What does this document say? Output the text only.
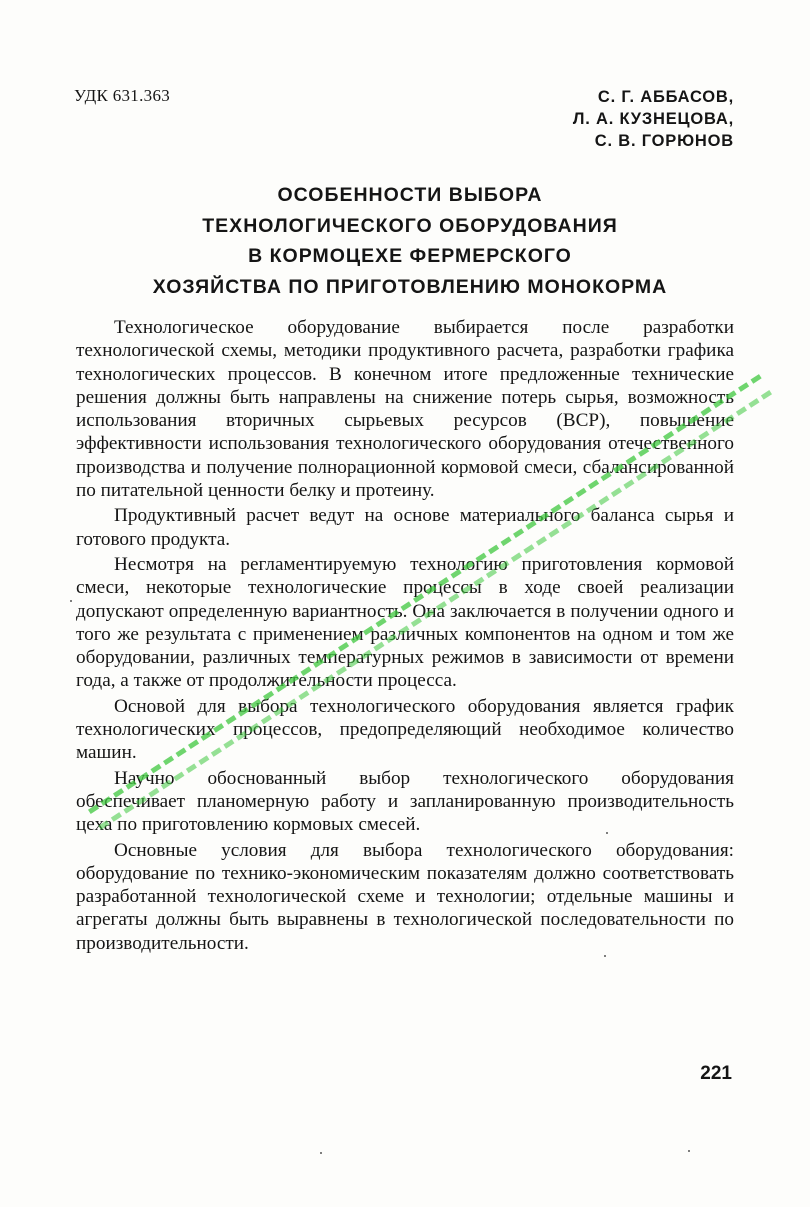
УДК 631.363	С. Г. АББАСОВ,
Л. А. КУЗНЕЦОВА,
С. В. ГОРЮНОВ
ОСОБЕННОСТИ ВЫБОРА
ТЕХНОЛОГИЧЕСКОГО ОБОРУДОВАНИЯ
В КОРМОЦЕХЕ ФЕРМЕРСКОГО
ХОЗЯЙСТВА ПО ПРИГОТОВЛЕНИЮ МОНОКОРМА

Технологическое оборудование выбирается после разработки технологической схемы, методики продуктивного расчета, разработки графика технологических процессов. В конечном итоге предложенные технические решения должны быть направлены на снижение потерь сырья, возможность использования вторичных сырьевых ресурсов (ВСР), повышение эффективности использования технологического оборудования отечественного производства и получение полнорационной кормовой смеси, сбалансированной по питательной ценности белку и протеину.

Продуктивный расчет ведут на основе материального баланса сырья и готового продукта.

Несмотря на регламентируемую технологию приготовления кормовой смеси, некоторые технологические процессы в ходе своей реализации допускают определенную вариантность. Она заключается в получении одного и того же результата с применением различных компонентов на одном и том же оборудовании, различных температурных режимов в зависимости от времени года, а также от продолжительности процесса.

Основой для выбора технологического оборудования является график технологических процессов, предопределяющий необходимое количество машин.

Научно обоснованный выбор технологического оборудования обеспечивает планомерную работу и запланированную производительность цеха по приготовлению кормовых смесей.

Основные условия для выбора технологического оборудования: оборудование по технико-экономическим показателям должно соответствовать разработанной технологической схеме и технологии; отдельные машины и агрегаты должны быть выравнены в технологической последовательности по производительности.

221
